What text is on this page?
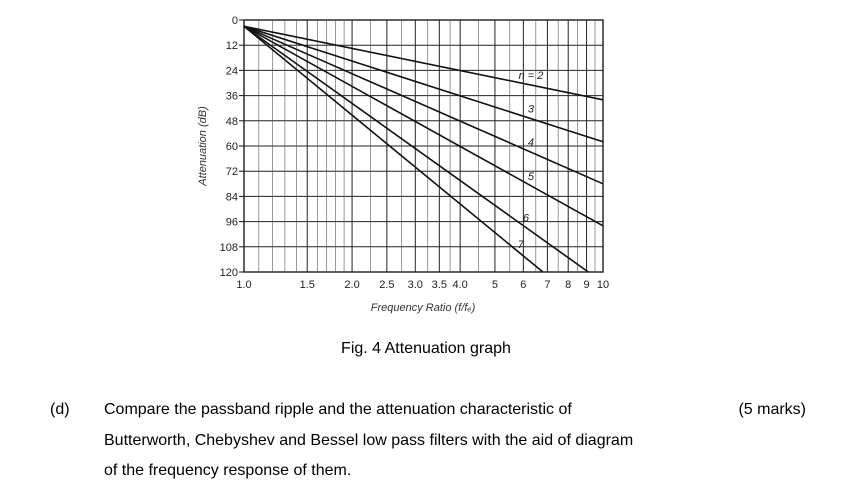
0
12
24
36
48
60
72
84
96
108
120
1.0	1.5	2.0 2.5 3.0 3.5 4.0 5 6 7 8 9 10
n = 2
3
4
5
6
7
Attenuation (dB)
Frequency Ratio (f/fₑ)
Fig. 4 Attenuation graph
(d) Compare the passband ripple and the attenuation characteristic of
Butterworth, Chebyshev and Bessel low pass filters with the aid of diagram
of the frequency response of them.
(5 marks)
